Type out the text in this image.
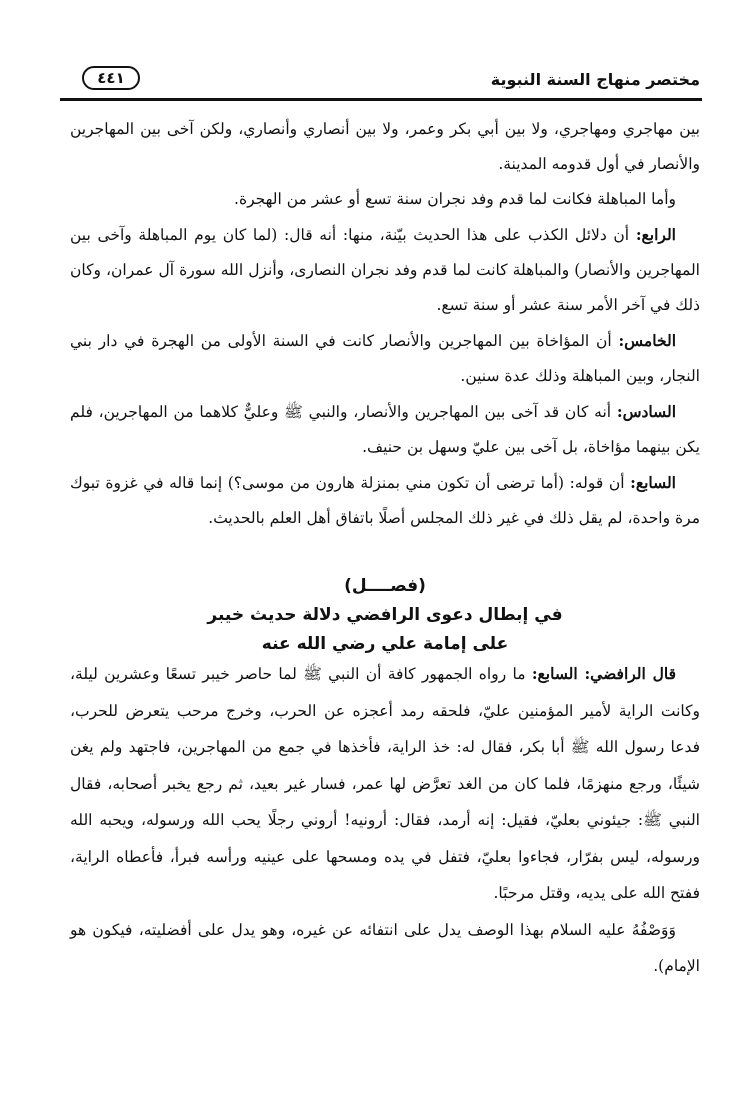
مختصر منهاج السنة النبوية
٤٤١

بين مهاجري ومهاجري، ولا بين أبي بكر وعمر، ولا بين أنصاري وأنصاري، ولكن آخى بين المهاجرين والأنصار في أول قدومه المدينة.

وأما المباهلة فكانت لما قدم وفد نجران سنة تسع أو عشر من الهجرة.

الرابع: أن دلائل الكذب على هذا الحديث بيّنة، منها: أنه قال: (لما كان يوم المباهلة وآخى بين المهاجرين والأنصار) والمباهلة كانت لما قدم وفد نجران النصارى، وأنزل الله سورة آل عمران، وكان ذلك في آخر الأمر سنة عشر أو سنة تسع.

الخامس: أن المؤاخاة بين المهاجرين والأنصار كانت في السنة الأولى من الهجرة في دار بني النجار، وبين المباهلة وذلك عدة سنين.

السادس: أنه كان قد آخى بين المهاجرين والأنصار، والنبي ﷺ وعليٌّ كلاهما من المهاجرين، فلم يكن بينهما مؤاخاة، بل آخى بين عليّ وسهل بن حنيف.

السابع: أن قوله: (أما ترضى أن تكون مني بمنزلة هارون من موسى؟) إنما قاله في غزوة تبوك مرة واحدة، لم يقل ذلك في غير ذلك المجلس أصلًا باتفاق أهل العلم بالحديث.

(فصــــل)
في إبطال دعوى الرافضي دلالة حديث خيبر
على إمامة علي رضي الله عنه

قال الرافضي: السابع: ما رواه الجمهور كافة أن النبي ﷺ لما حاصر خيبر تسعًا وعشرين ليلة، وكانت الراية لأمير المؤمنين عليّ، فلحقه رمد أعجزه عن الحرب، وخرج مرحب يتعرض للحرب، فدعا رسول الله ﷺ أبا بكر، فقال له: خذ الراية، فأخذها في جمع من المهاجرين، فاجتهد ولم يغن شيئًا، ورجع منهزمًا، فلما كان من الغد تعرَّض لها عمر، فسار غير بعيد، ثم رجع يخبر أصحابه، فقال النبي ﷺ: جيئوني بعليّ، فقيل: إنه أرمد، فقال: أرونيه! أروني رجلًا يحب الله ورسوله، ويحبه الله ورسوله، ليس بفرّار، فجاءوا بعليّ، فتفل في يده ومسحها على عينيه ورأسه فبرأ، فأعطاه الراية، ففتح الله على يديه، وقتل مرحبًا.

وَوَصْفُهُ عليه السلام بهذا الوصف يدل على انتفائه عن غيره، وهو يدل على أفضليته، فيكون هو الإمام).
